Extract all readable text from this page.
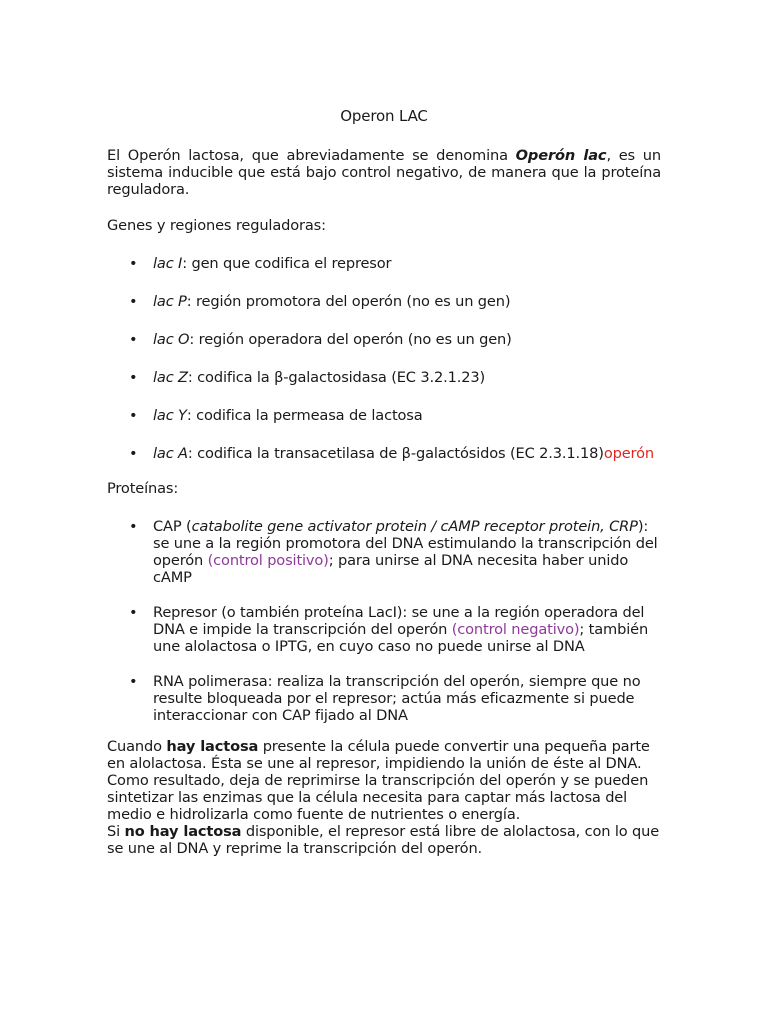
Operon LAC

El Operón lactosa, que abreviadamente se denomina Operón lac, es un sistema inducible que está bajo control negativo, de manera que la proteína reguladora.

Genes y regiones reguladoras:

• lac I: gen que codifica el represor
• lac P: región promotora del operón (no es un gen)
• lac O: región operadora del operón (no es un gen)
• lac Z: codifica la β-galactosidasa (EC 3.2.1.23)
• lac Y: codifica la permeasa de lactosa
• lac A: codifica la transacetilasa de β-galactósidos (EC 2.3.1.18)operón

Proteínas:

• CAP (catabolite gene activator protein / cAMP receptor protein, CRP): se une a la región promotora del DNA estimulando la transcripción del operón (control positivo); para unirse al DNA necesita haber unido cAMP
• Represor (o también proteína LacI): se une a la región operadora del DNA e impide la transcripción del operón (control negativo); también une alolactosa o IPTG, en cuyo caso no puede unirse al DNA
• RNA polimerasa: realiza la transcripción del operón, siempre que no resulte bloqueada por el represor; actúa más eficazmente si puede interaccionar con CAP fijado al DNA

Cuando hay lactosa presente la célula puede convertir una pequeña parte en alolactosa. Ésta se une al represor, impidiendo la unión de éste al DNA. Como resultado, deja de reprimirse la transcripción del operón y se pueden sintetizar las enzimas que la célula necesita para captar más lactosa del medio e hidrolizarla como fuente de nutrientes o energía.

Si no hay lactosa disponible, el represor está libre de alolactosa, con lo que se une al DNA y reprime la transcripción del operón.
